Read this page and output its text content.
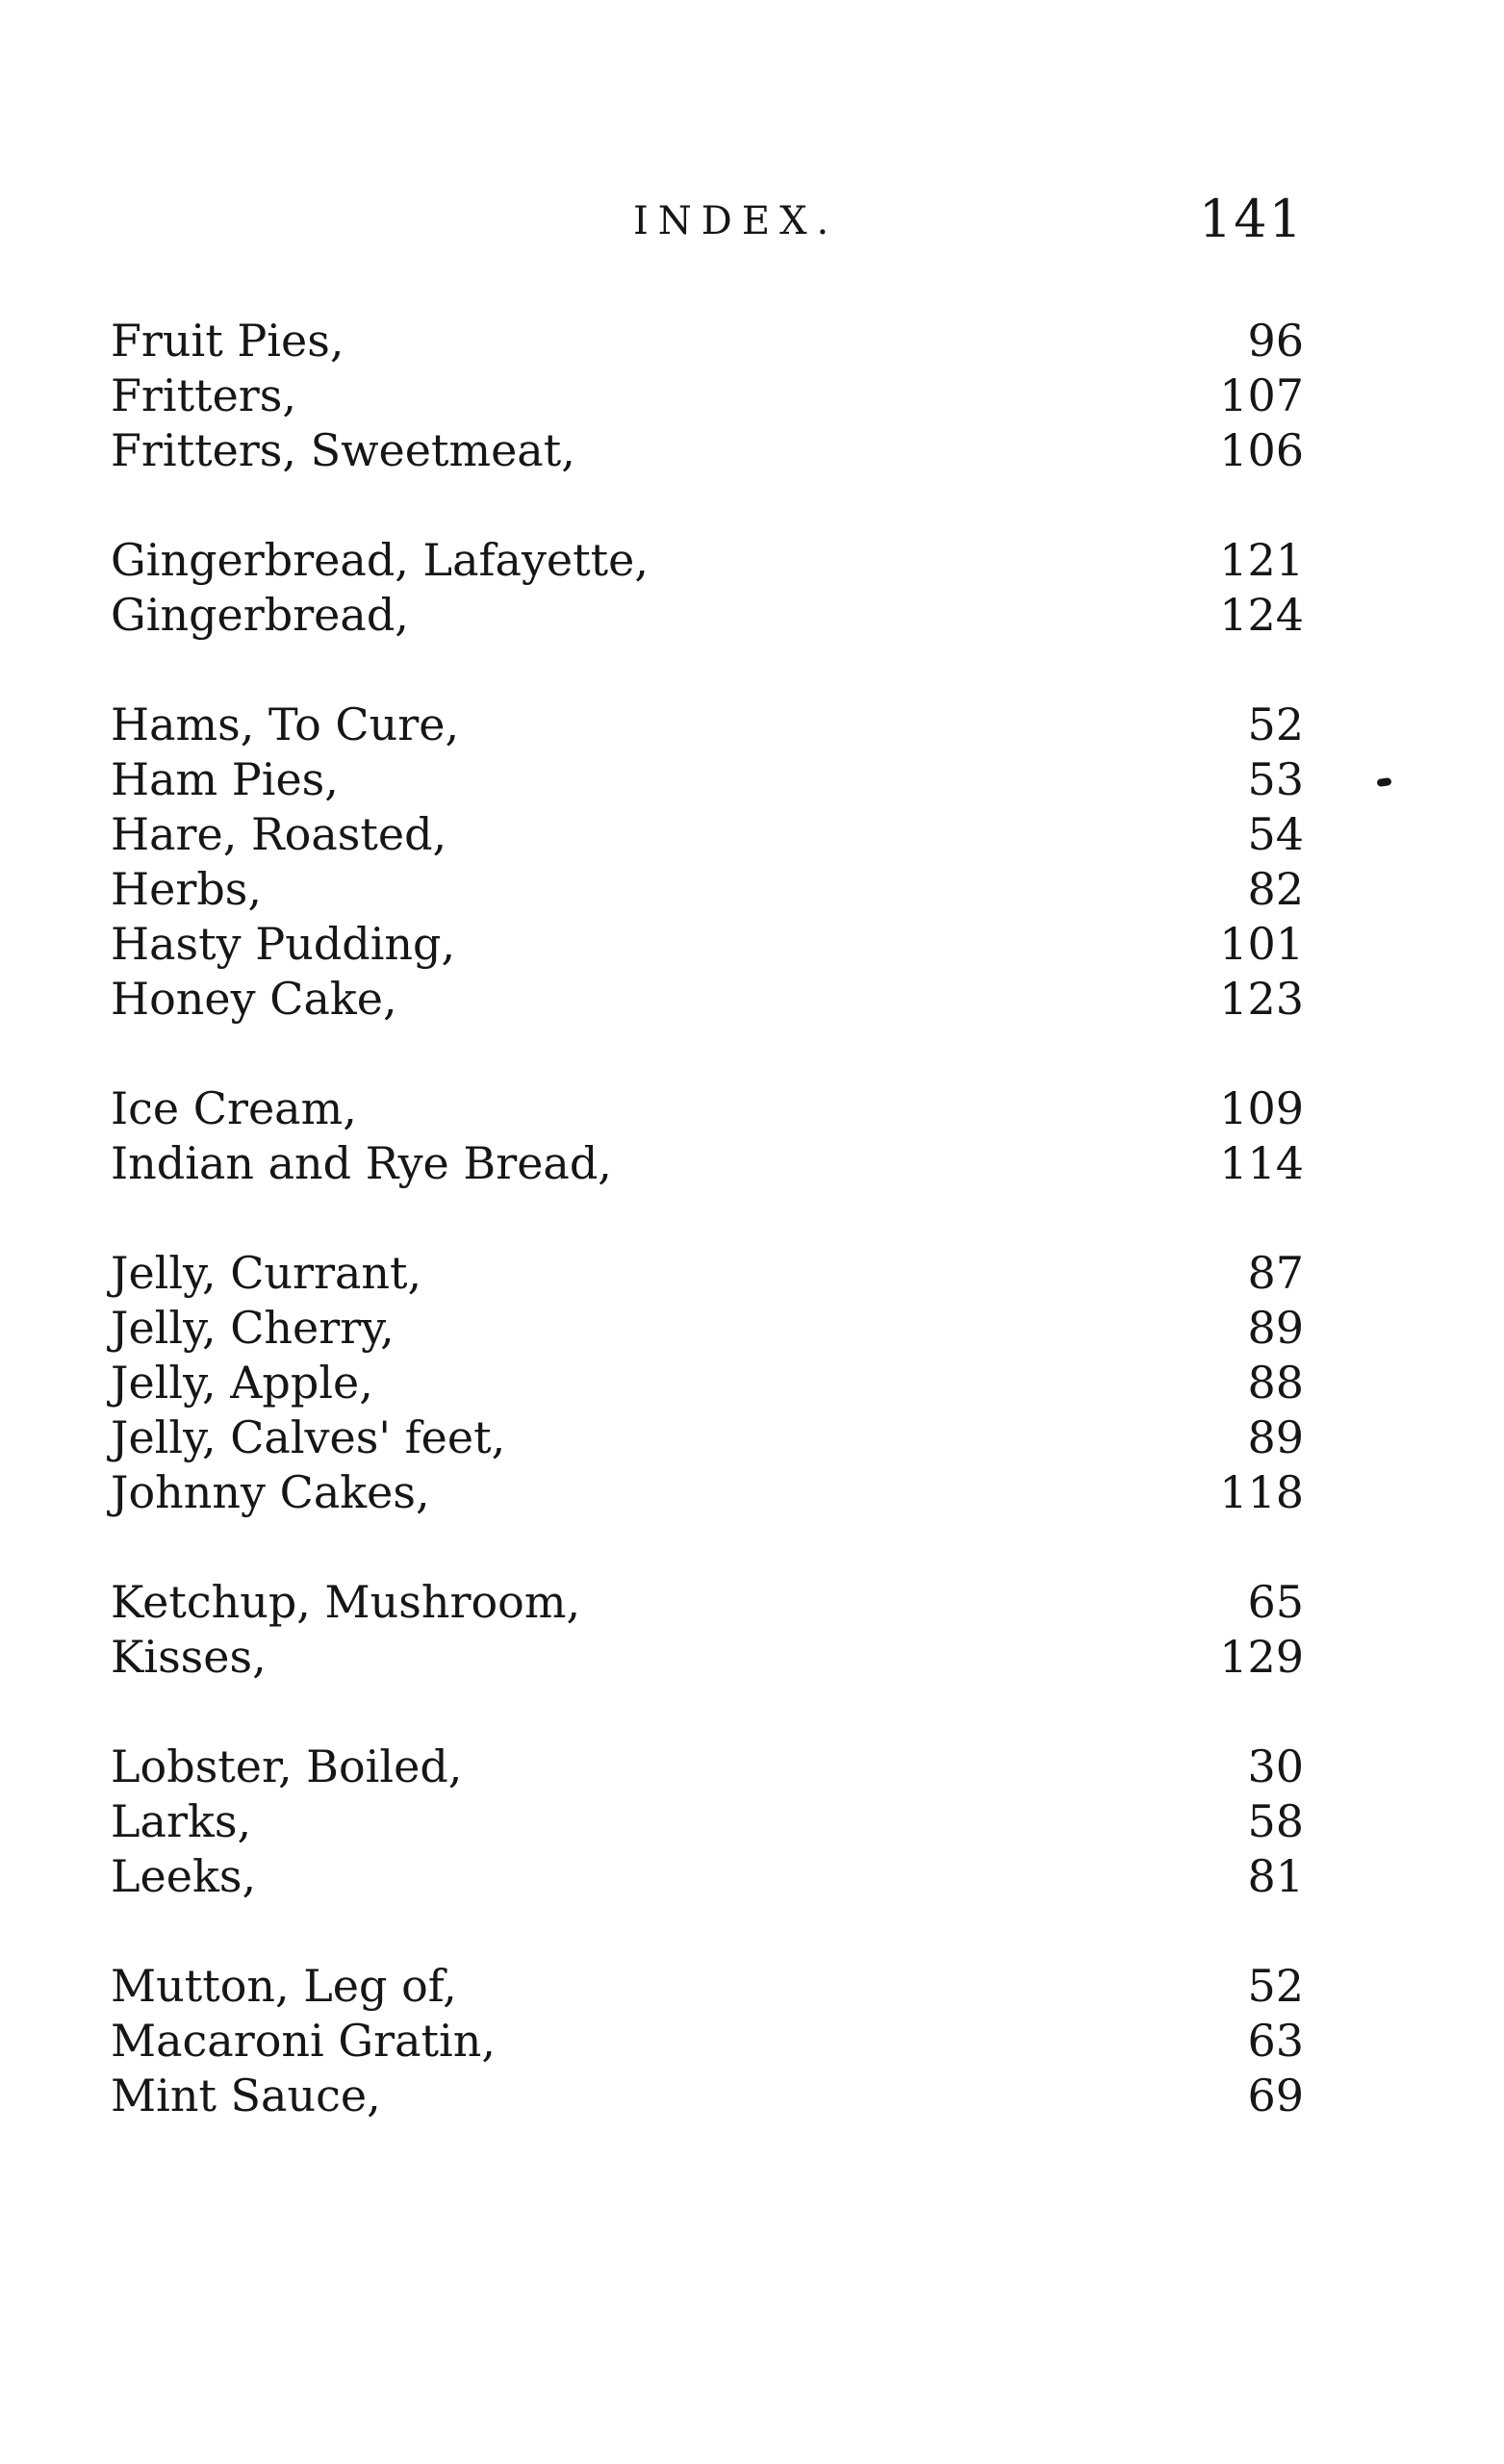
INDEX.	141
Fruit Pies,	96
Fritters,	107
Fritters, Sweetmeat,	106
Gingerbread, Lafayette,	121
Gingerbread,	124
Hams, To Cure,	52
Ham Pies,	53
Hare, Roasted,	54
Herbs,	82
Hasty Pudding,	101
Honey Cake,	123
Ice Cream,	109
Indian and Rye Bread,	114
Jelly, Currant,	87
Jelly, Cherry,	89
Jelly, Apple,	88
Jelly, Calves' feet,	89
Johnny Cakes,	118
Ketchup, Mushroom,	65
Kisses,	129
Lobster, Boiled,	30
Larks,	58
Leeks,	81
Mutton, Leg of,	52
Macaroni Gratin,	63
Mint Sauce,	69
